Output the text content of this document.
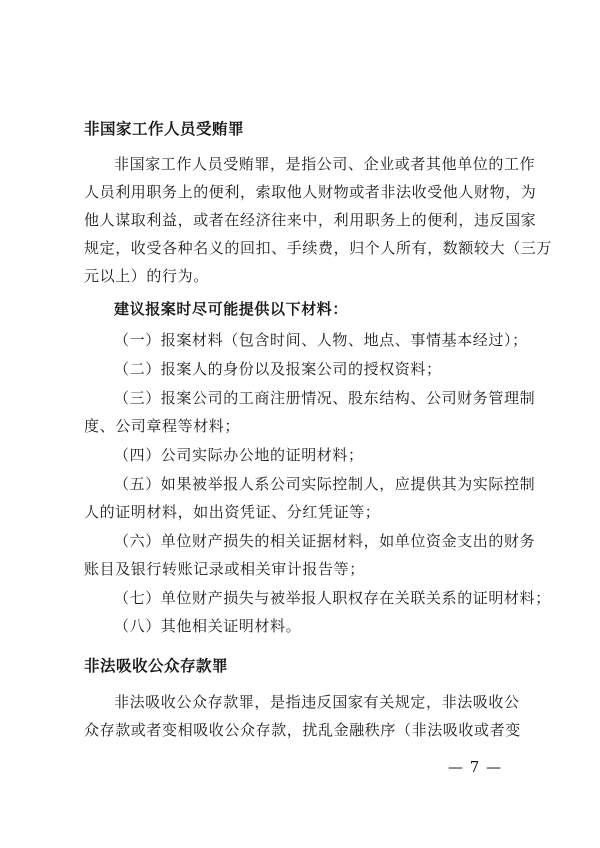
非国家工作人员受贿罪

非国家工作人员受贿罪，是指公司、企业或者其他单位的工作

人员利用职务上的便利，索取他人财物或者非法收受他人财物，为

他人谋取利益，或者在经济往来中，利用职务上的便利，违反国家

规定，收受各种名义的回扣、手续费，归个人所有，数额较大（三万

元以上）的行为。

建议报案时尽可能提供以下材料：

（一）报案材料（包含时间、人物、地点、事情基本经过）；

（二）报案人的身份以及报案公司的授权资料；

（三）报案公司的工商注册情况、股东结构、公司财务管理制

度、公司章程等材料；

（四）公司实际办公地的证明材料；

（五）如果被举报人系公司实际控制人，应提供其为实际控制

人的证明材料，如出资凭证、分红凭证等；

（六）单位财产损失的相关证据材料，如单位资金支出的财务

账目及银行转账记录或相关审计报告等；

（七）单位财产损失与被举报人职权存在关联关系的证明材料；

（八）其他相关证明材料。

非法吸收公众存款罪

非法吸收公众存款罪，是指违反国家有关规定，非法吸收公

众存款或者变相吸收公众存款，扰乱金融秩序（非法吸收或者变

— 7 —
